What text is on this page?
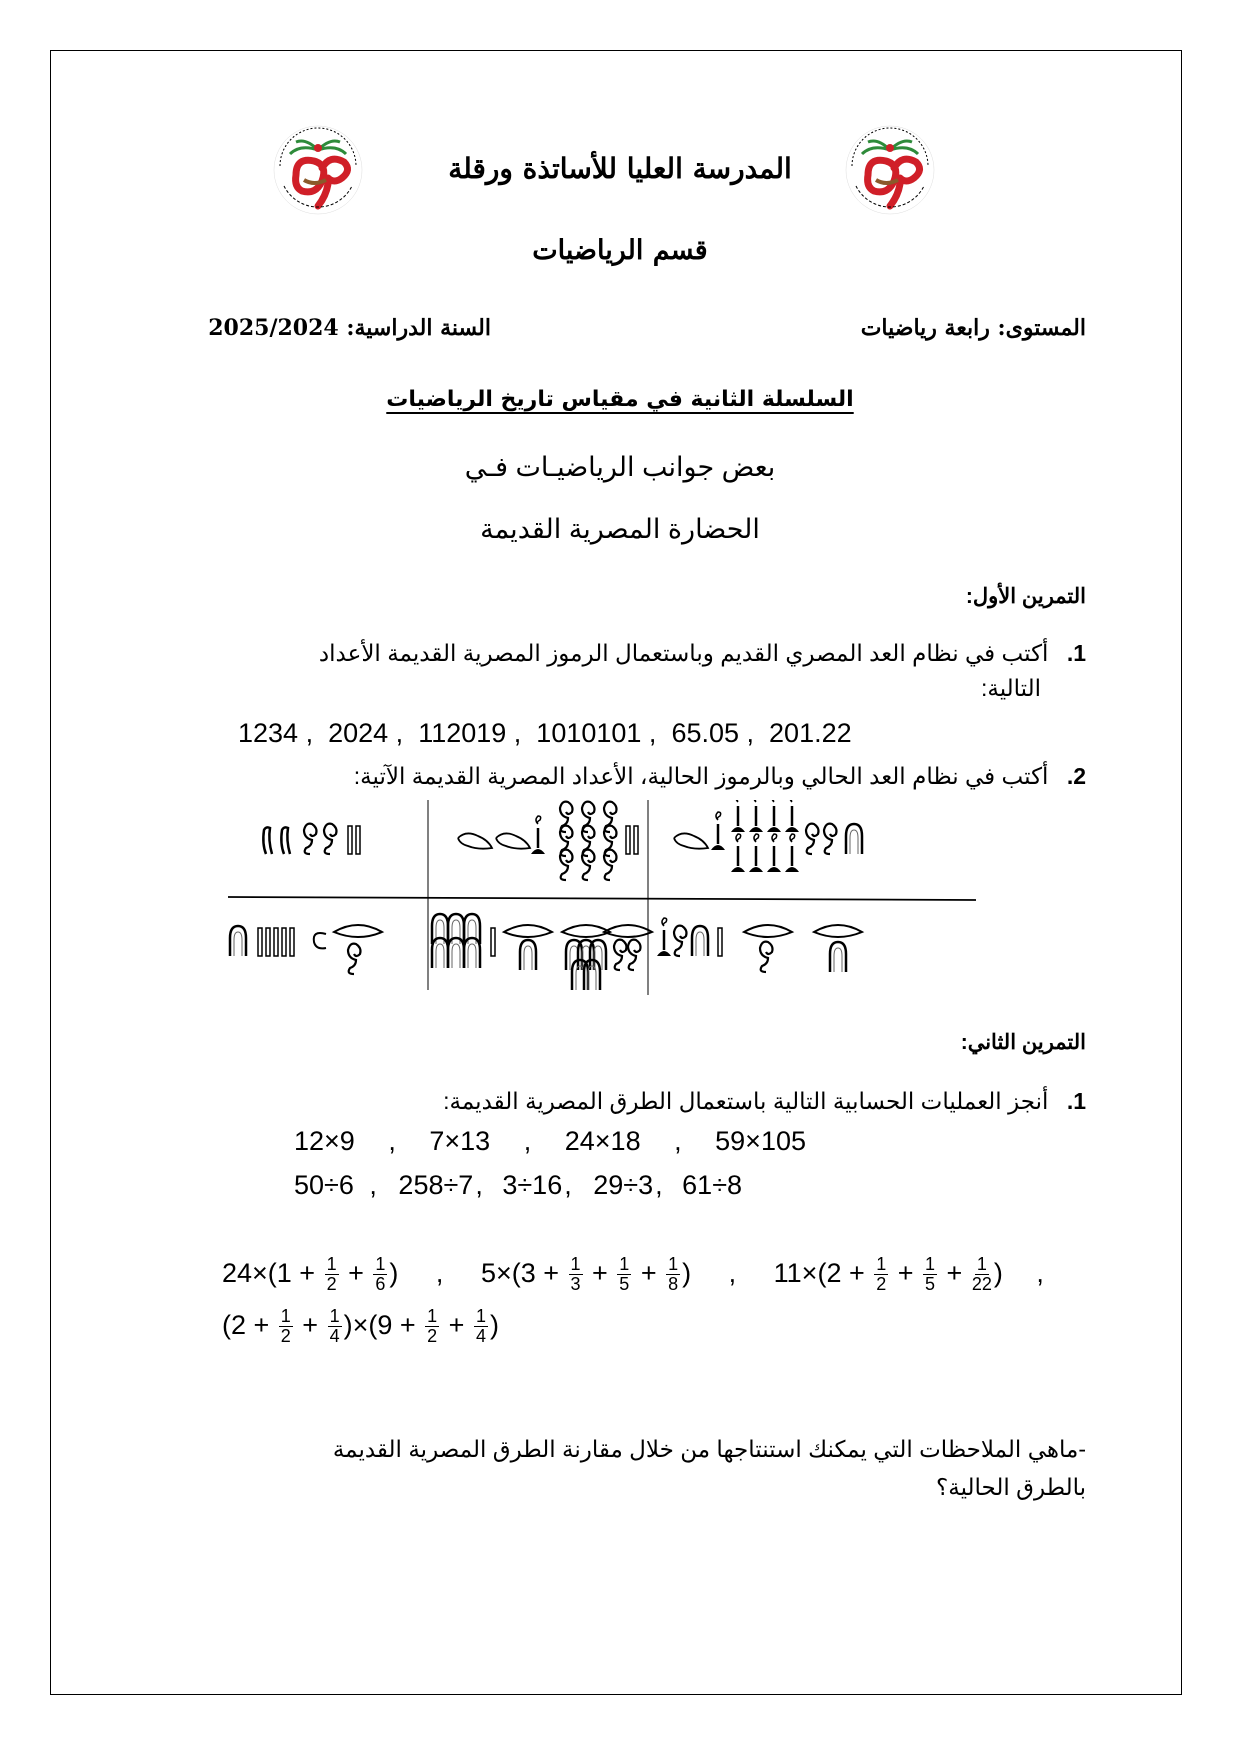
المدرسة العليا للأساتذة ورقلة
قسم الرياضيات
المستوى: رابعة رياضيات
السنة الدراسية: 2025/2024
السلسلة الثانية في مقياس تاريخ الرياضيات
بعض جوانب الرياضيـات فـي
الحضارة المصرية القديمة
التمرين الأول:
1. أكتب في نظام العد المصري القديم وباستعمال الرموز المصرية القديمة الأعداد
التالية:
1234 ,  2024 ,  112019 ,  1010101 ,  65.05 ,  201.22
2. أكتب في نظام العد الحالي وبالرموز الحالية، الأعداد المصرية القديمة الآتية:
التمرين الثاني:
1. أنجز العمليات الحسابية التالية باستعمال الطرق المصرية القديمة:
12×9 , 7×13 , 24×18 , 59×105
50÷6 , 258÷7, 3÷16, 29÷3, 61÷8
$24\times(1 + \frac{1}{2} + \frac{1}{6}$ ) , $5\times(3 + \frac{1}{3} + \frac{1}{5} + \frac{1}{8}$ ) , $11\times(2 + \frac{1}{2} + \frac{1}{5} + \frac{1}{22}$ ) ,
$(2 + \frac{1}{2} + \frac{1}{4} )\times(9 + \frac{1}{2} + \frac{1}{4}$ )
-ماهي الملاحظات التي يمكنك استنتاجها من خلال مقارنة الطرق المصرية القديمة
بالطرق الحالية؟
